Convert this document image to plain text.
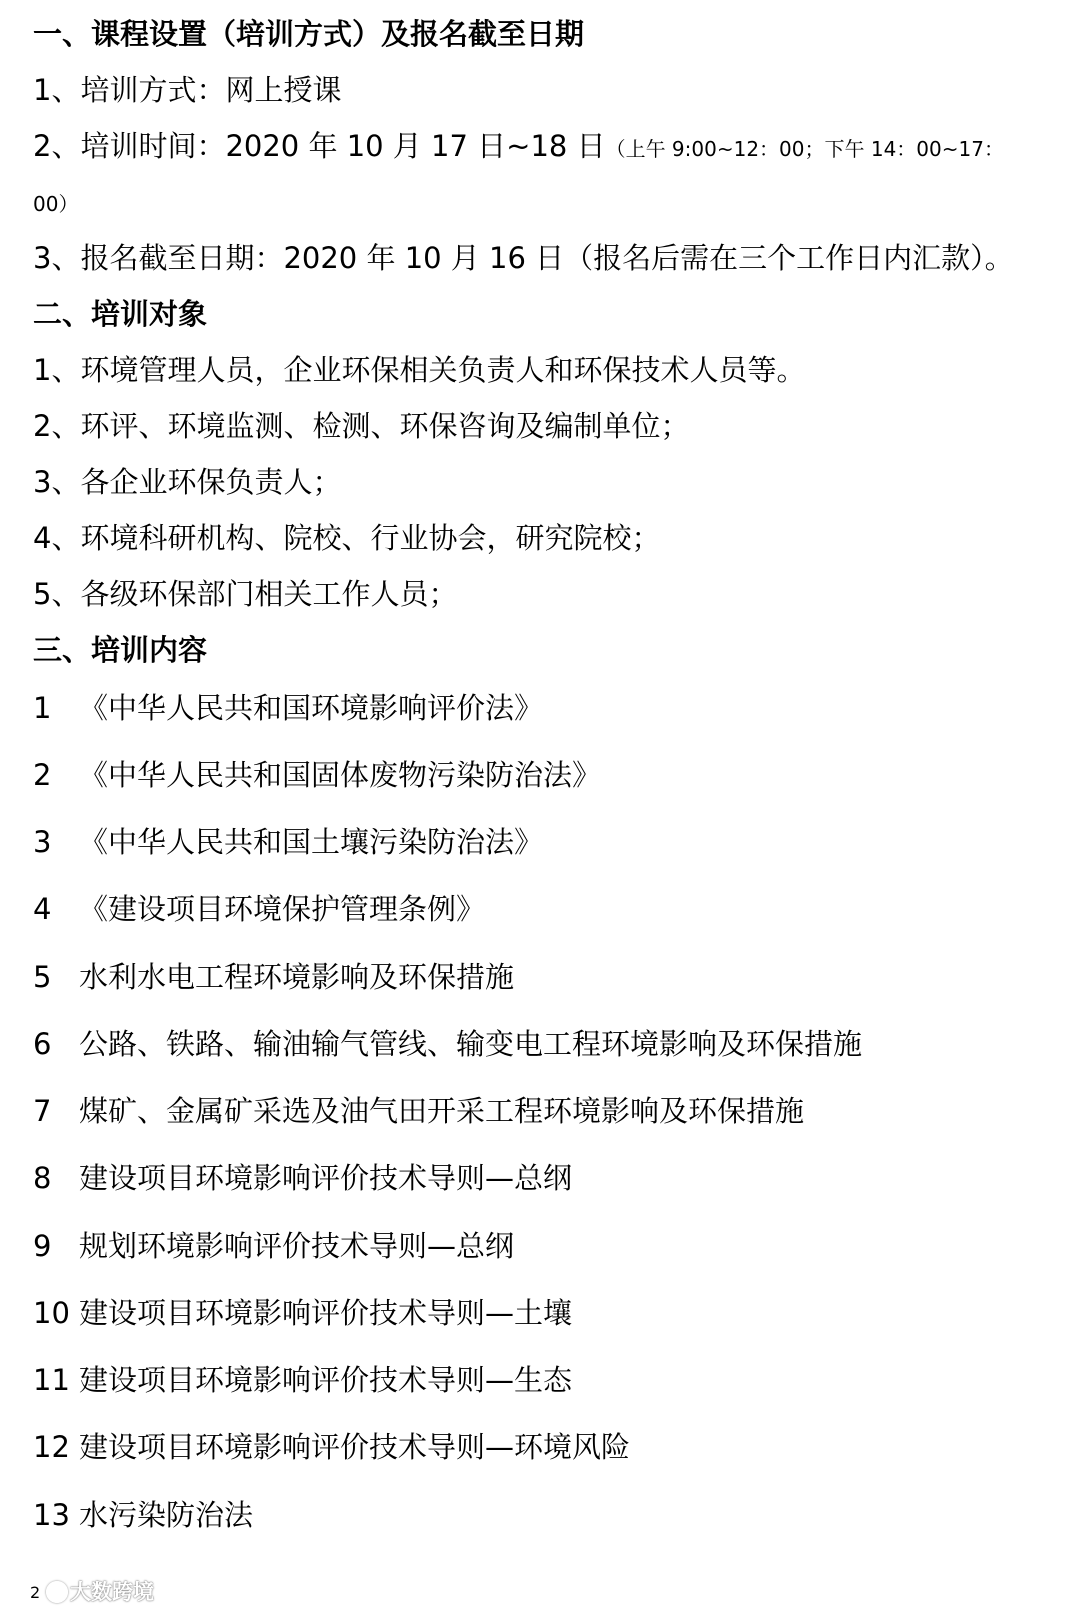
一、课程设置（培训方式）及报名截至日期
1、培训方式：网上授课
2、培训时间：2020 年 10 月 17 日~18 日（上午 9:00~12：00；下午 14：00~17：
00）
3、报名截至日期：2020 年 10 月 16 日（报名后需在三个工作日内汇款）。
二、培训对象
1、环境管理人员，企业环保相关负责人和环保技术人员等。
2、环评、环境监测、检测、环保咨询及编制单位；
3、各企业环保负责人；
4、环境科研机构、院校、行业协会，研究院校；
5、各级环保部门相关工作人员；
三、培训内容
1 《中华人民共和国环境影响评价法》
2 《中华人民共和国固体废物污染防治法》
3 《中华人民共和国土壤污染防治法》
4 《建设项目环境保护管理条例》
5 水利水电工程环境影响及环保措施
6 公路、铁路、输油输气管线、输变电工程环境影响及环保措施
7 煤矿、金属矿采选及油气田开采工程环境影响及环保措施
8 建设项目环境影响评价技术导则—总纲
9 规划环境影响评价技术导则—总纲
10 建设项目环境影响评价技术导则—土壤
11 建设项目环境影响评价技术导则—生态
12 建设项目环境影响评价技术导则—环境风险
13 水污染防治法
2 大数跨境
